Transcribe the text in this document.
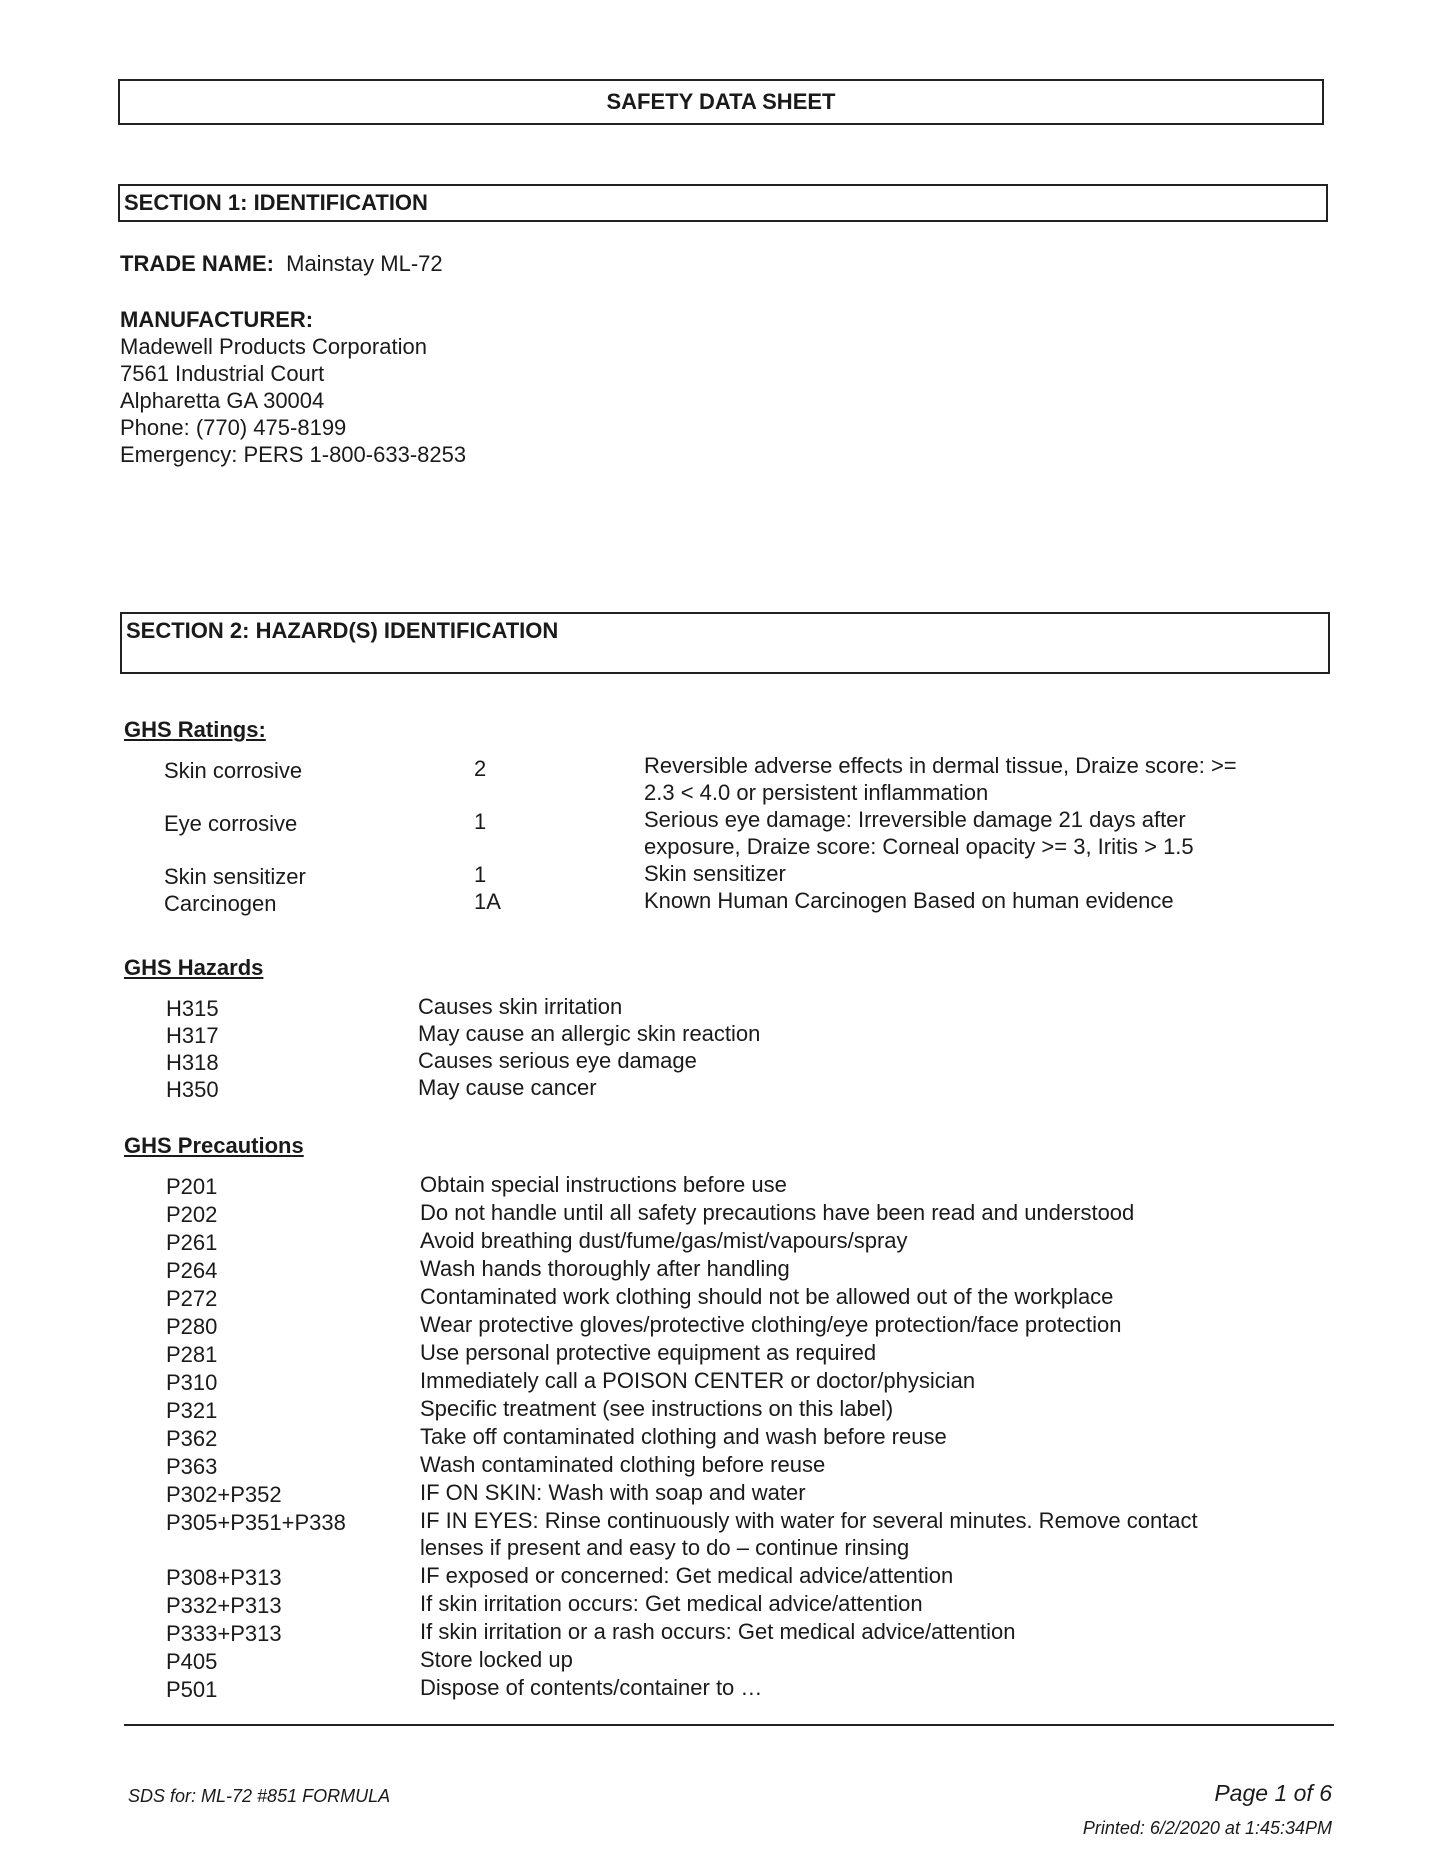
SAFETY DATA SHEET
SECTION 1: IDENTIFICATION
TRADE NAME: Mainstay ML-72
MANUFACTURER:
Madewell Products Corporation
7561 Industrial Court
Alpharetta GA 30004
Phone: (770) 475-8199
Emergency: PERS 1-800-633-8253
SECTION 2: HAZARD(S) IDENTIFICATION
GHS Ratings:
Skin corrosive	2	Reversible adverse effects in dermal tissue, Draize score: >=
2.3 < 4.0 or persistent inflammation
Eye corrosive	1	Serious eye damage: Irreversible damage 21 days after
exposure, Draize score: Corneal opacity >= 3, Iritis > 1.5
Skin sensitizer	1	Skin sensitizer
Carcinogen	1A	Known Human Carcinogen Based on human evidence
GHS Hazards
H315	Causes skin irritation
H317	May cause an allergic skin reaction
H318	Causes serious eye damage
H350	May cause cancer
GHS Precautions
P201	Obtain special instructions before use
P202	Do not handle until all safety precautions have been read and understood
P261	Avoid breathing dust/fume/gas/mist/vapours/spray
P264	Wash hands thoroughly after handling
P272	Contaminated work clothing should not be allowed out of the workplace
P280	Wear protective gloves/protective clothing/eye protection/face protection
P281	Use personal protective equipment as required
P310	Immediately call a POISON CENTER or doctor/physician
P321	Specific treatment (see instructions on this label)
P362	Take off contaminated clothing and wash before reuse
P363	Wash contaminated clothing before reuse
P302+P352	IF ON SKIN: Wash with soap and water
P305+P351+P338	IF IN EYES: Rinse continuously with water for several minutes. Remove contact
lenses if present and easy to do – continue rinsing
P308+P313	IF exposed or concerned: Get medical advice/attention
P332+P313	If skin irritation occurs: Get medical advice/attention
P333+P313	If skin irritation or a rash occurs: Get medical advice/attention
P405	Store locked up
P501	Dispose of contents/container to …
SDS for: ML-72 #851 FORMULA	Page 1 of 6
Printed: 6/2/2020 at 1:45:34PM
